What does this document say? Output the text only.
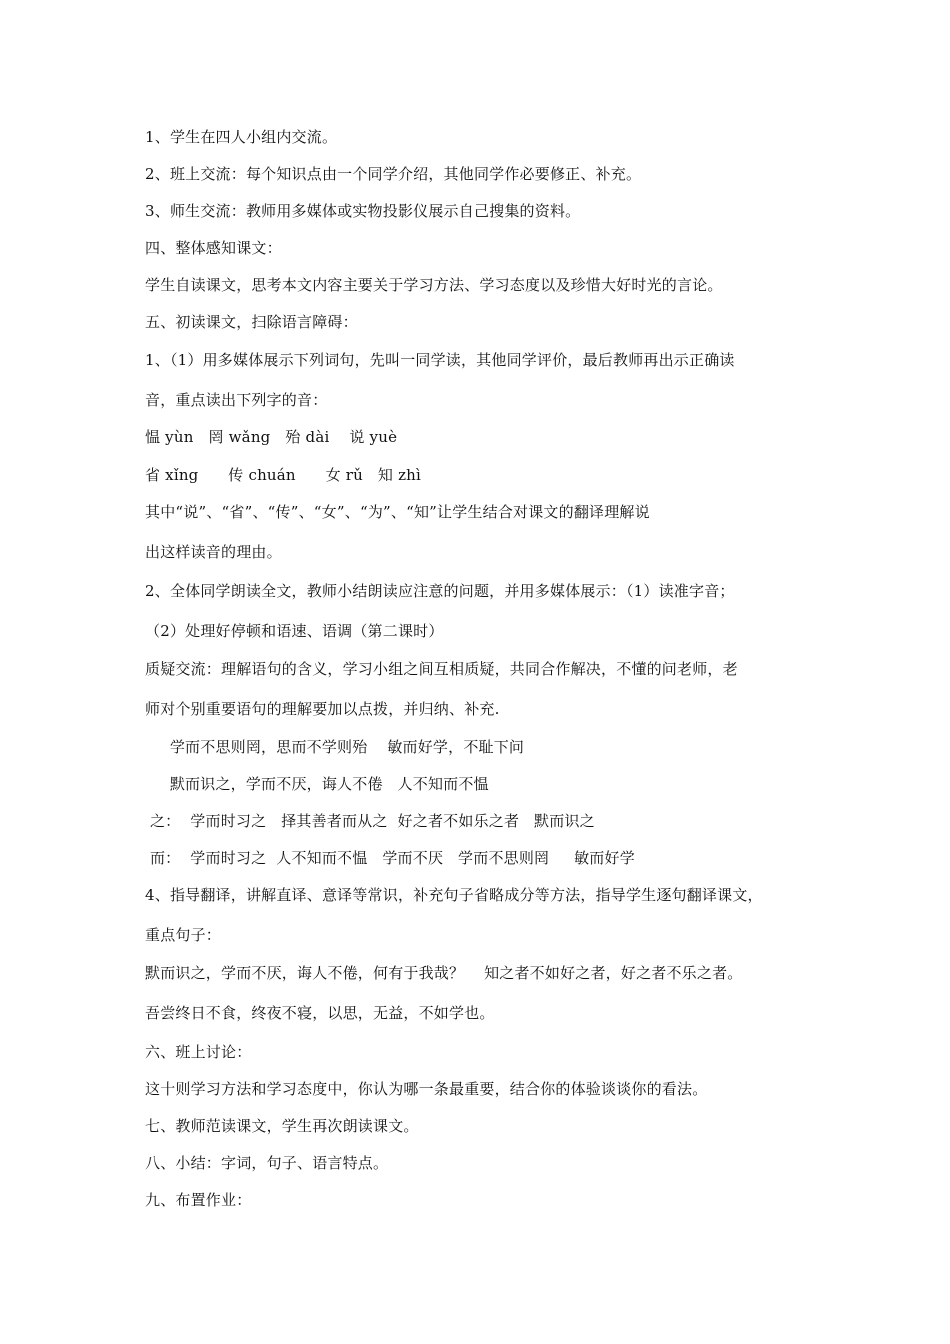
1、学生在四人小组内交流。
2、班上交流：每个知识点由一个同学介绍，其他同学作必要修正、补充。
3、师生交流：教师用多媒体或实物投影仪展示自己搜集的资料。
四、整体感知课文：
学生自读课文，思考本文内容主要关于学习方法、学习态度以及珍惜大好时光的言论。
五、初读课文，扫除语言障碍：
1、（1）用多媒体展示下列词句，先叫一同学读，其他同学评价，最后教师再出示正确读
音，重点读出下列字的音：
愠 yùn   罔 wǎng   殆 dài    说 yuè
省 xǐng      传 chuán      女 rǔ   知 zhì
其中“说”、“省”、“传”、“女”、“为”、“知”让学生结合对课文的翻译理解说
出这样读音的理由。
2、全体同学朗读全文，教师小结朗读应注意的问题，并用多媒体展示：（1）读准字音；
（2）处理好停顿和语速、语调（第二课时）
质疑交流：理解语句的含义，学习小组之间互相质疑，共同合作解决，不懂的问老师，老
师对个别重要语句的理解要加以点拨，并归纳、补充.
学而不思则罔，思而不学则殆    敏而好学，不耻下问
默而识之，学而不厌，诲人不倦   人不知而不愠
之：  学而时习之   择其善者而从之  好之者不如乐之者   默而识之
而：  学而时习之  人不知而不愠   学而不厌   学而不思则罔     敏而好学
4、指导翻译，讲解直译、意译等常识，补充句子省略成分等方法，指导学生逐句翻译课文，
重点句子：
默而识之，学而不厌，诲人不倦，何有于我哉？    知之者不如好之者，好之者不乐之者。
吾尝终日不食，终夜不寝，以思，无益，不如学也。
六、班上讨论：
这十则学习方法和学习态度中，你认为哪一条最重要，结合你的体验谈谈你的看法。
七、教师范读课文，学生再次朗读课文。
八、小结：字词，句子、语言特点。
九、布置作业：
